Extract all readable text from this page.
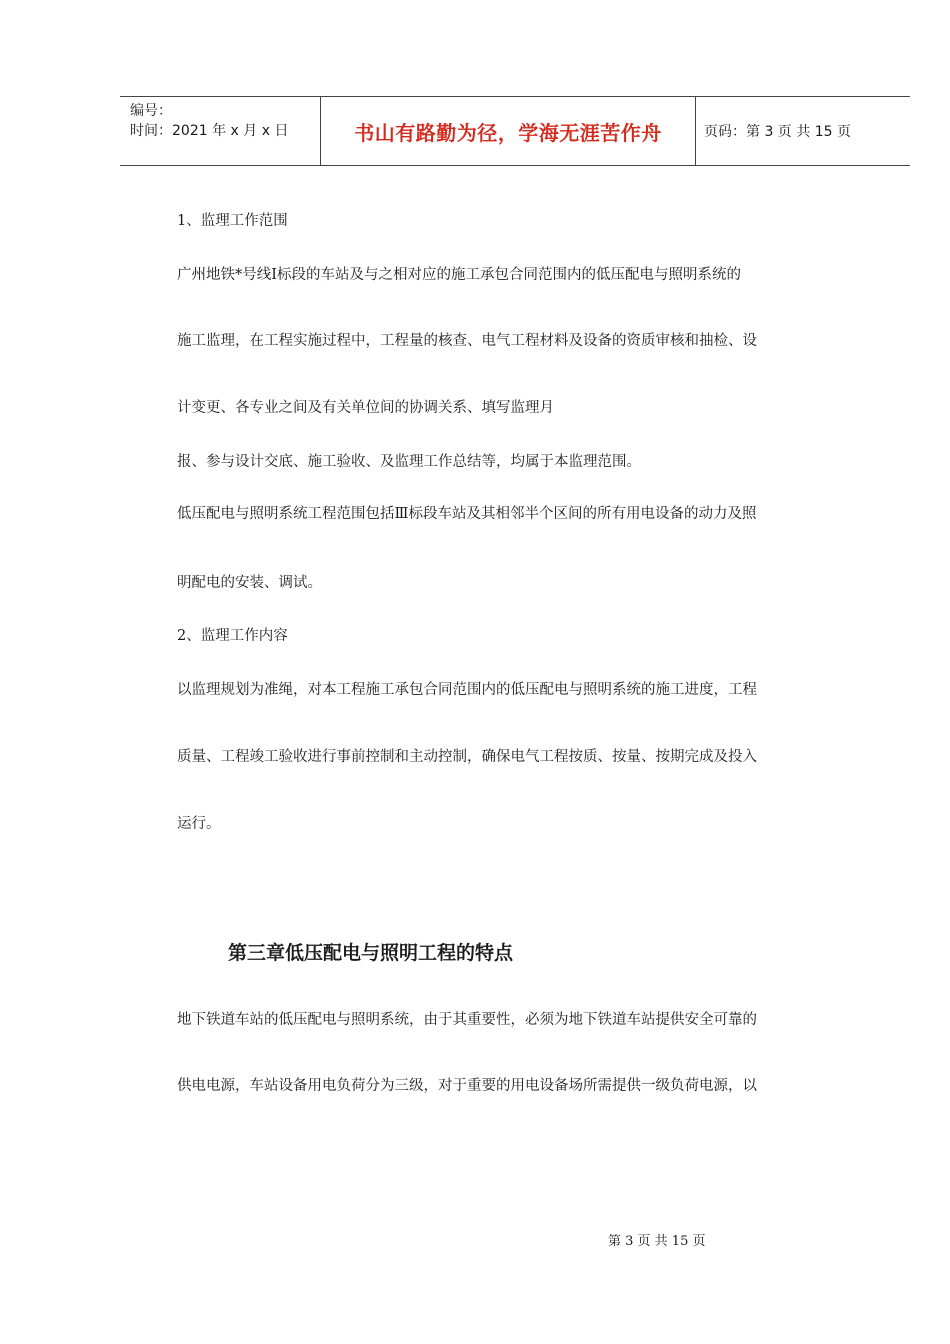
编号：
时间：2021 年 x 月 x 日	书山有路勤为径，学海无涯苦作舟	页码：第 3 页 共 15 页
1、监理工作范围
广州地铁*号线Ⅰ标段的车站及与之相对应的施工承包合同范围内的低压配电与照明系统的
施工监理，在工程实施过程中，工程量的核查、电气工程材料及设备的资质审核和抽检、设
计变更、各专业之间及有关单位间的协调关系、填写监理月
报、参与设计交底、施工验收、及监理工作总结等，均属于本监理范围。
低压配电与照明系统工程范围包括Ⅲ标段车站及其相邻半个区间的所有用电设备的动力及照
明配电的安装、调试。
2、监理工作内容
以监理规划为准绳，对本工程施工承包合同范围内的低压配电与照明系统的施工进度，工程
质量、工程竣工验收进行事前控制和主动控制，确保电气工程按质、按量、按期完成及投入
运行。
第三章低压配电与照明工程的特点
地下铁道车站的低压配电与照明系统，由于其重要性，必须为地下铁道车站提供安全可靠的
供电电源，车站设备用电负荷分为三级，对于重要的用电设备场所需提供一级负荷电源，以
第 3 页 共 15 页
